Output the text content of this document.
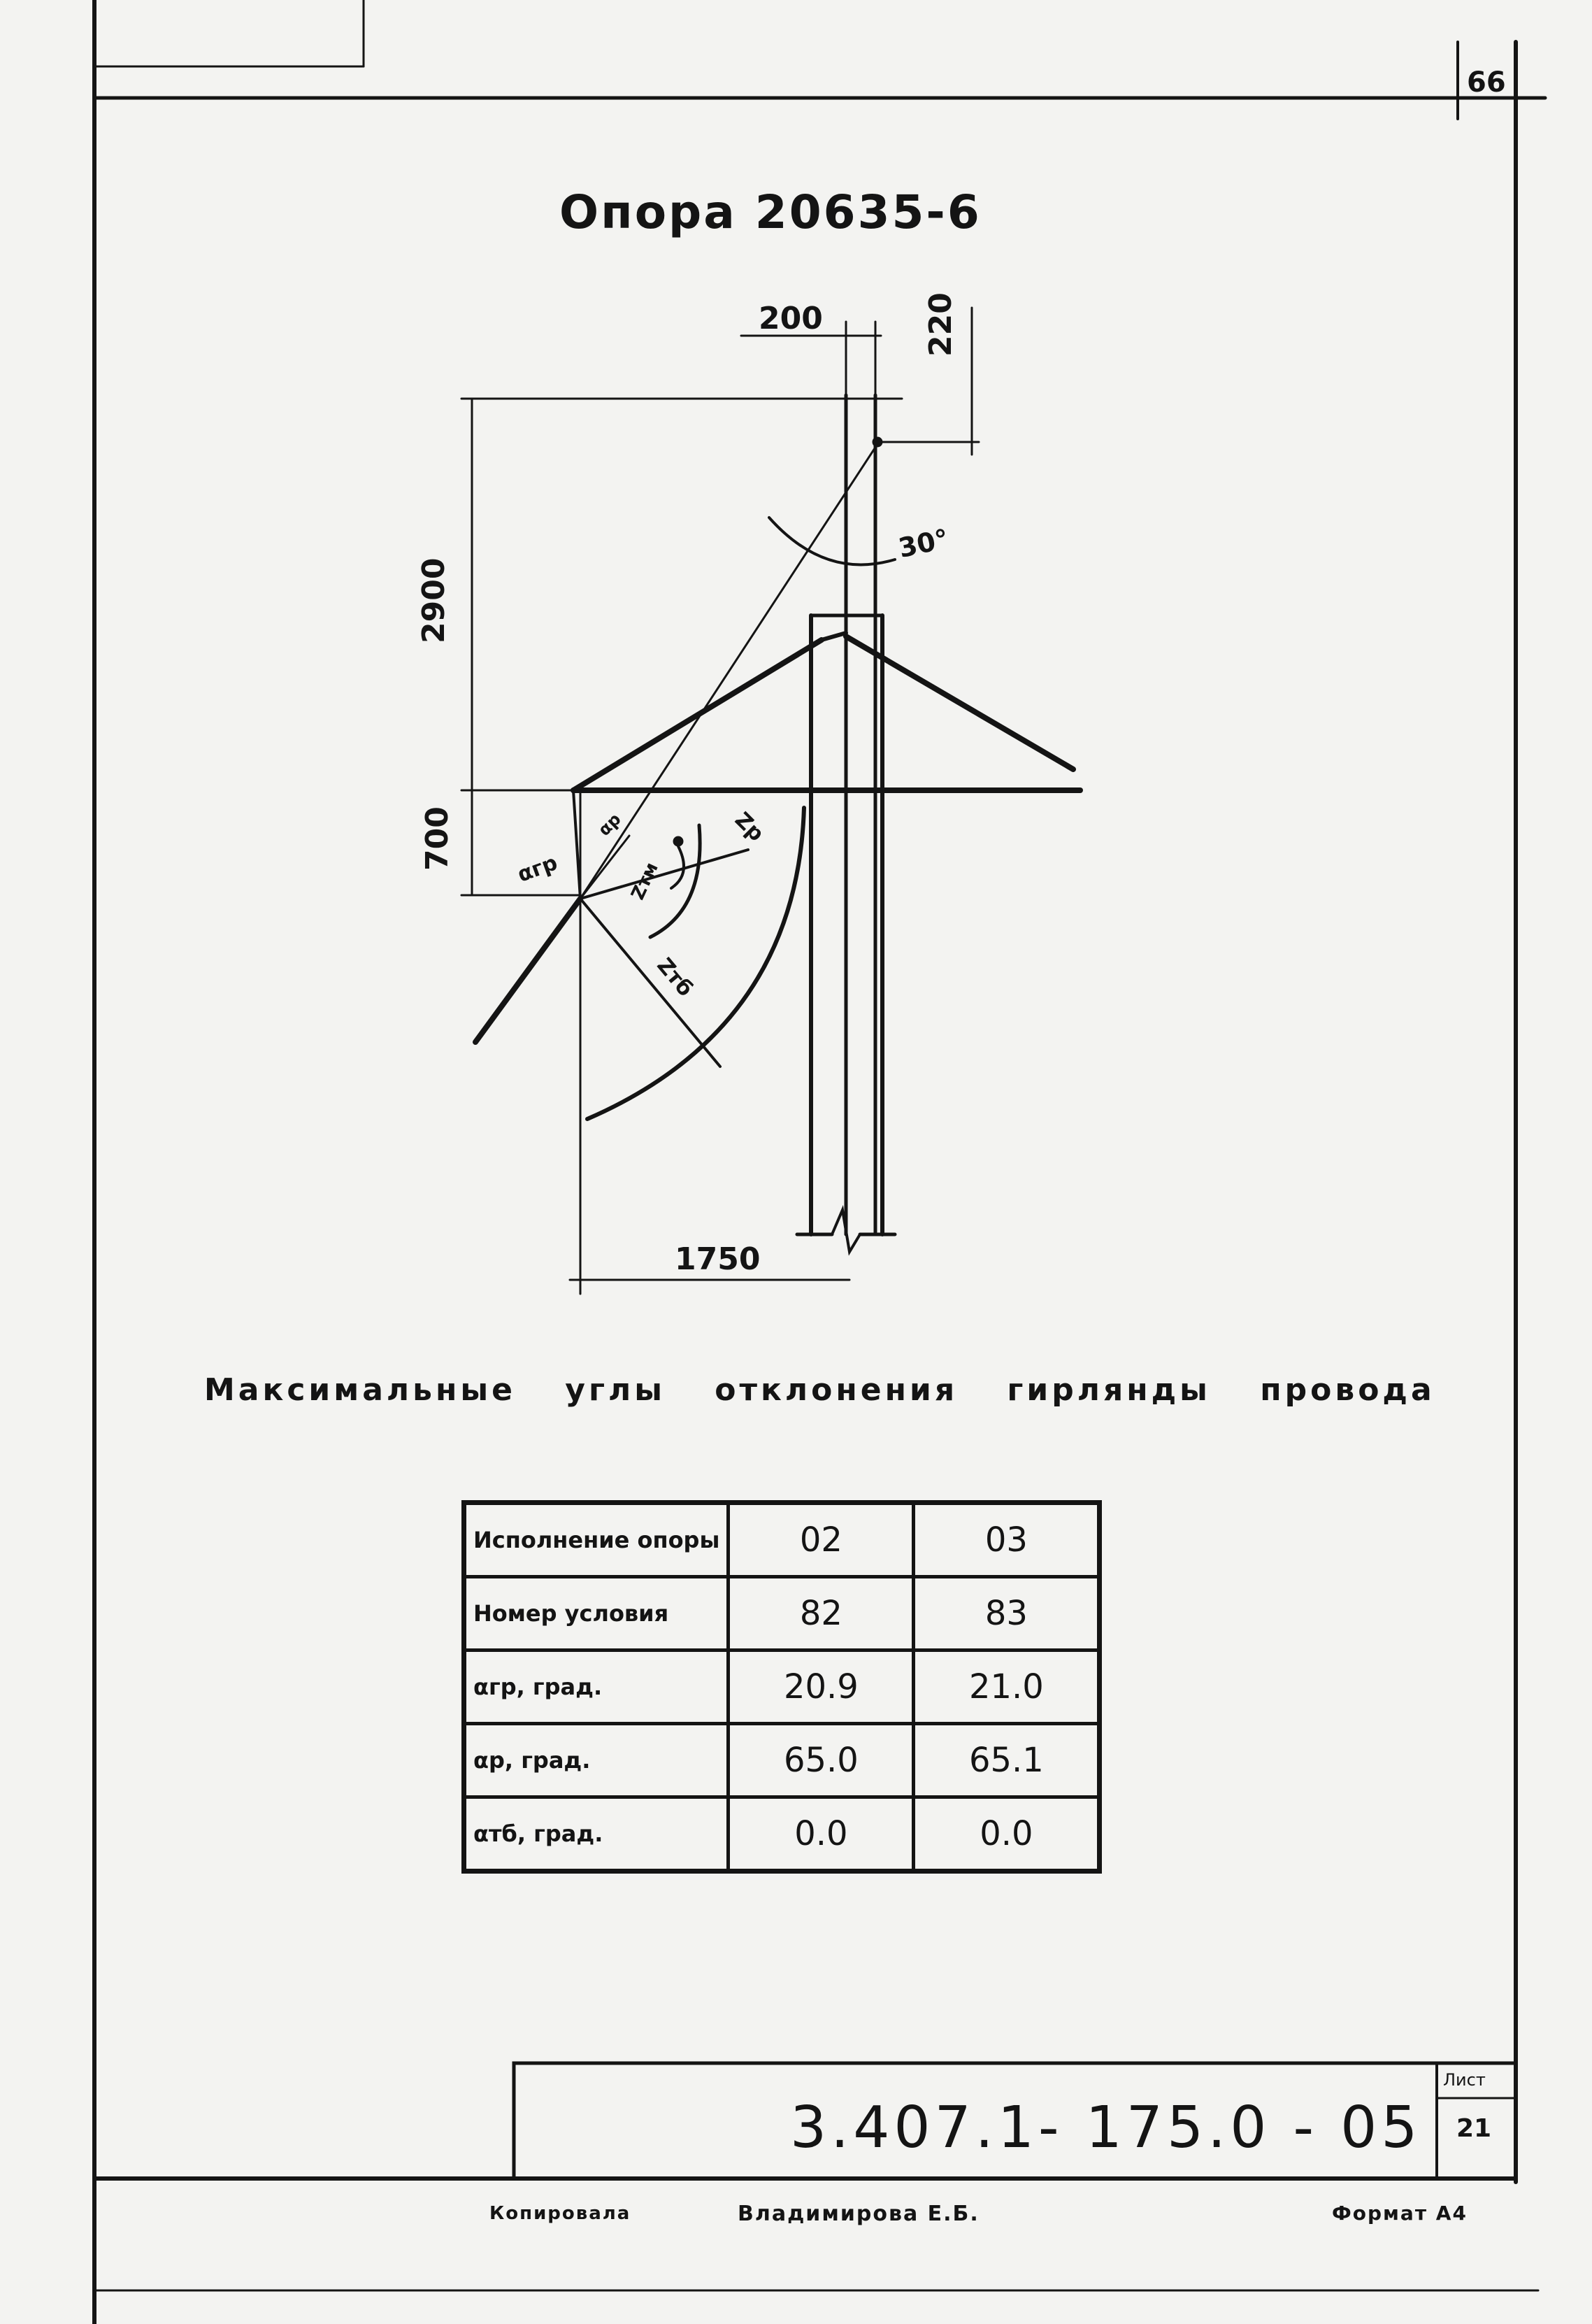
66
Опора 20635-6
200	220
2900
700
1750
30°
αгр
αр	Zр
Zтм
Zтб
Максимальные углы отклонения гирлянды провода
Исполнение опоры	02	03
Номер условия	82	83
αгр, град.	20.9	21.0
αр, град.	65.0	65.1
αтб, град.	0.0	0.0
3.407.1- 175.0 - 05
Лист
21
Копировала	Владимирова Е.Б.	Формат А4
